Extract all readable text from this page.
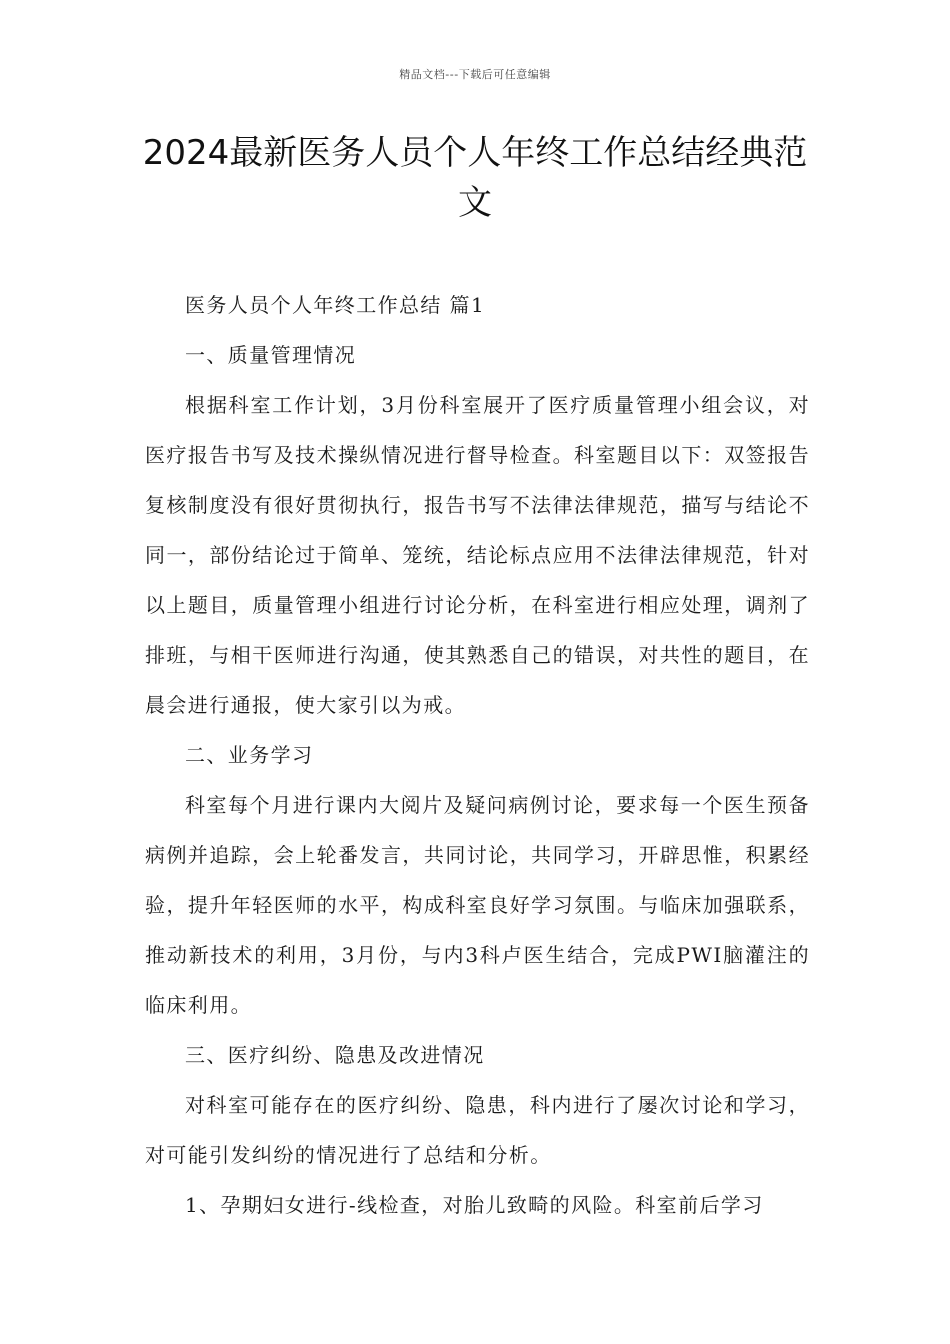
精品文档---下载后可任意编辑
2024最新医务人员个人年终工作总结经典范文

医务人员个人年终工作总结 篇1

一、质量管理情况

根据科室工作计划，3月份科室展开了医疗质量管理小组会议，对医疗报告书写及技术操纵情况进行督导检查。科室题目以下：双签报告复核制度没有很好贯彻执行，报告书写不法律法律规范，描写与结论不同一，部份结论过于简单、笼统，结论标点应用不法律法律规范，针对以上题目，质量管理小组进行讨论分析，在科室进行相应处理，调剂了排班，与相干医师进行沟通，使其熟悉自己的错误，对共性的题目，在晨会进行通报，使大家引以为戒。

二、业务学习

科室每个月进行课内大阅片及疑问病例讨论，要求每一个医生预备病例并追踪，会上轮番发言，共同讨论，共同学习，开辟思惟，积累经验，提升年轻医师的水平，构成科室良好学习氛围。与临床加强联系，推动新技术的利用，3月份，与内3科卢医生结合，完成PWI脑灌注的临床利用。

三、医疗纠纷、隐患及改进情况

对科室可能存在的医疗纠纷、隐患，科内进行了屡次讨论和学习，对可能引发纠纷的情况进行了总结和分析。

1、孕期妇女进行-线检查，对胎儿致畸的风险。科室前后学习
